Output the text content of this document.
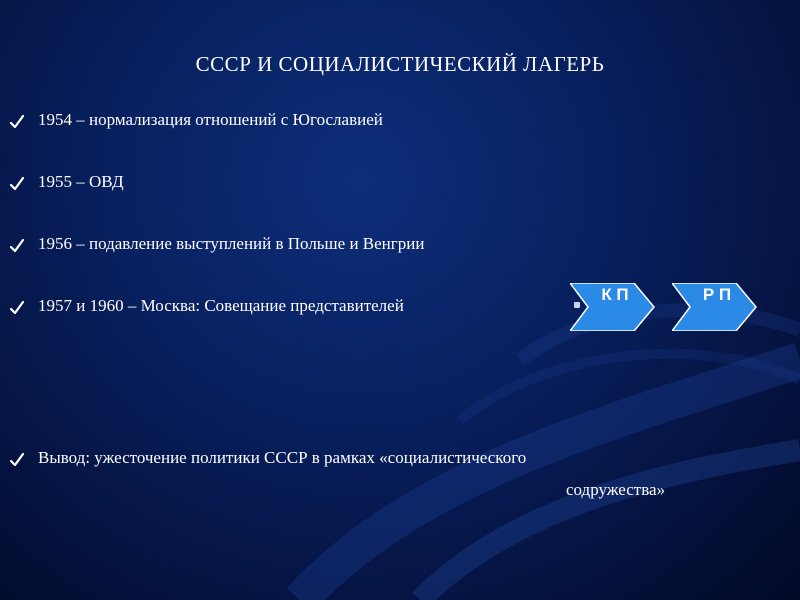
СССР И СОЦИАЛИСТИЧЕСКИЙ ЛАГЕРЬ
1954 – нормализация отношений с Югославией
1955 – ОВД
1956 – подавление выступлений в Польше и Венгрии
1957 и 1960 – Москва: Совещание представителей
К П	Р П
Вывод: ужесточение политики СССР в рамках «социалистического
содружества»
